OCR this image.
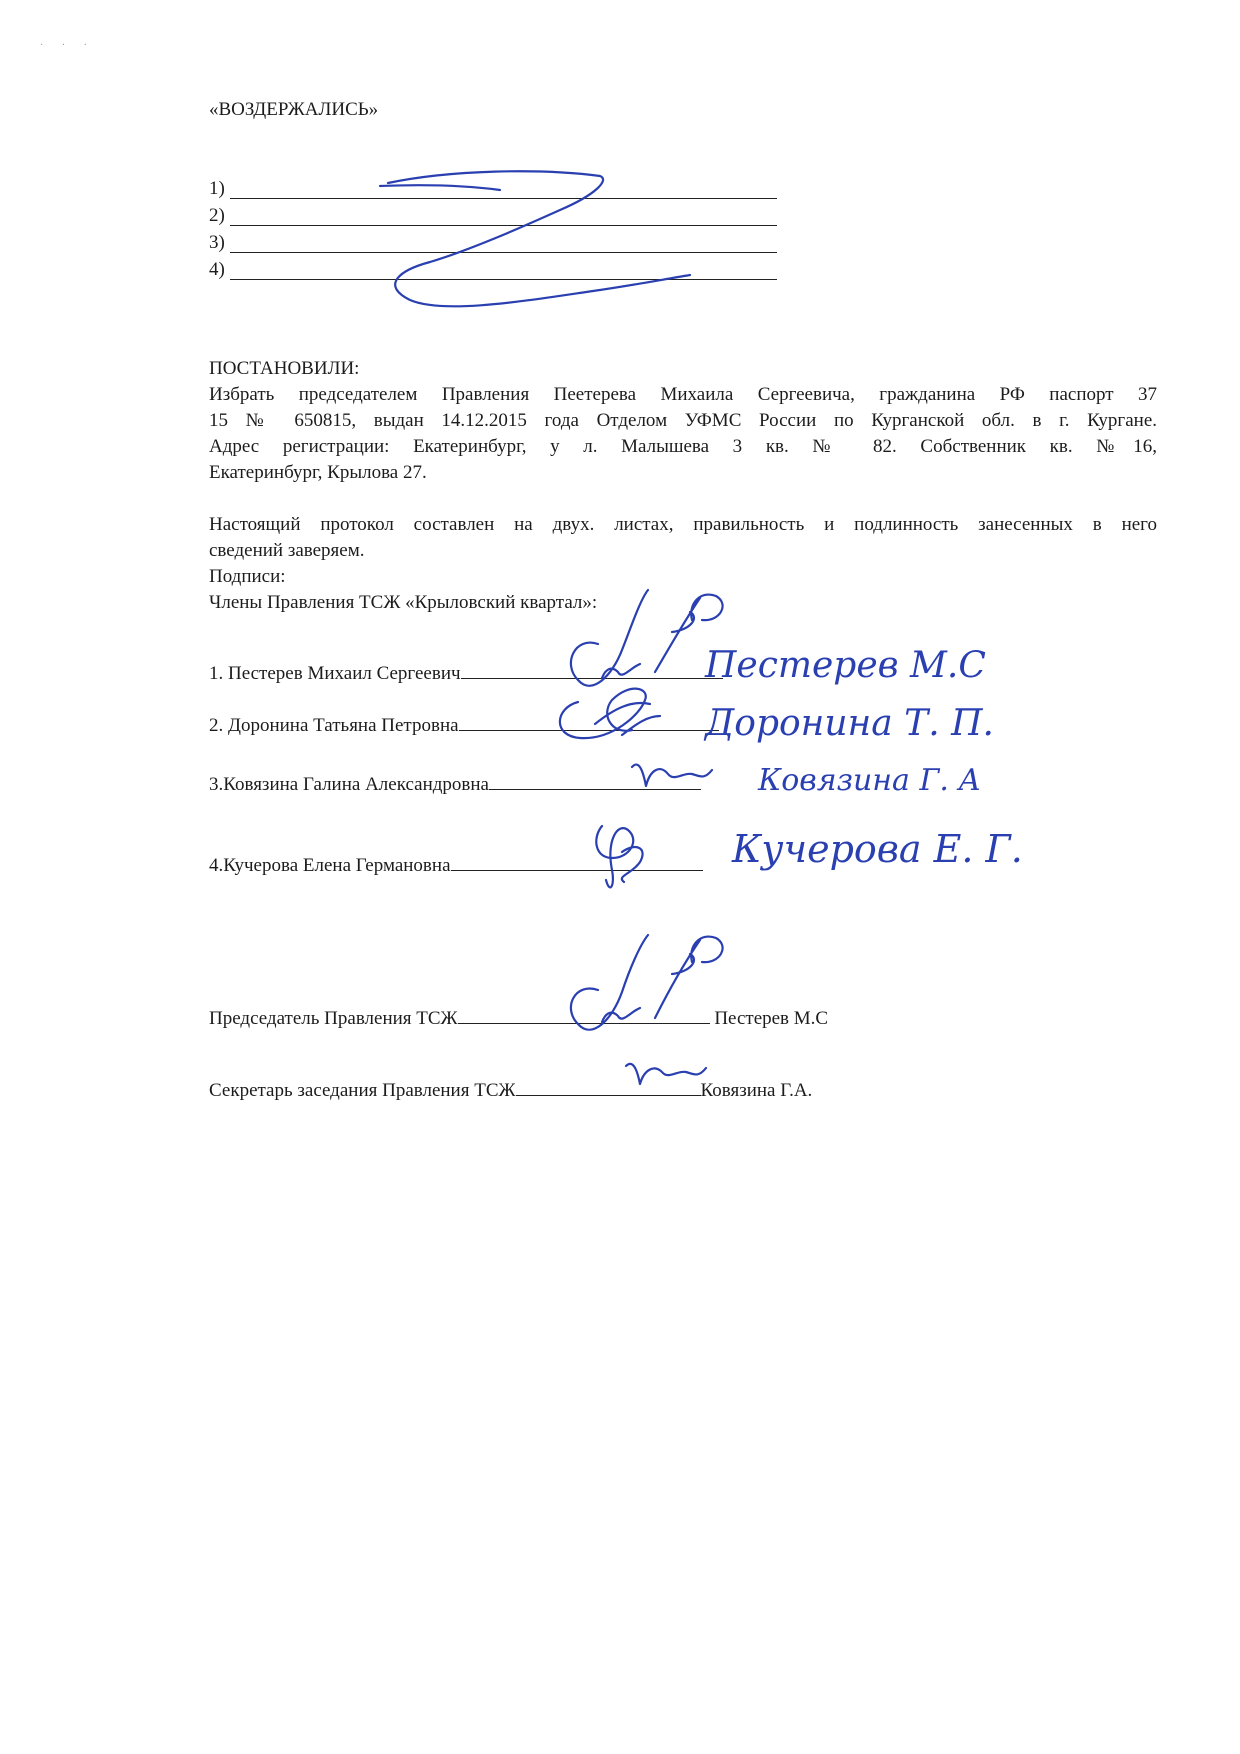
· · ·
«ВОЗДЕРЖАЛИСЬ»
1)
2)
3)
4)
ПОСТАНОВИЛИ:
Избрать председателем Правления Пеетерева Михаила Сергеевича, гражданина РФ паспорт 37
15 № 650815, выдан 14.12.2015 года Отделом УФМС России по Курганской обл. в г. Кургане.
Адрес регистрации: Екатеринбург, у л. Малышева 3 кв. № 82. Собственник кв. №16,
Екатеринбург, Крылова 27.
Настоящий протокол составлен на двух. листах, правильность и подлинность занесенных в него
сведений заверяем.
Подписи:
Члены Правления ТСЖ «Крыловский квартал»:
1. Пестерев Михаил Сергеевич
2. Доронина Татьяна Петровна
3.Ковязина Галина Александровна
4.Кучерова Елена Германовна
Председатель Правления ТСЖ	Пестерев М.С
Секретарь заседания Правления ТСЖ	Ковязина Г.А.
Пестерев М.С
Доронина Т. П.
Ковязина Г. А
Кучерова Е. Г.
